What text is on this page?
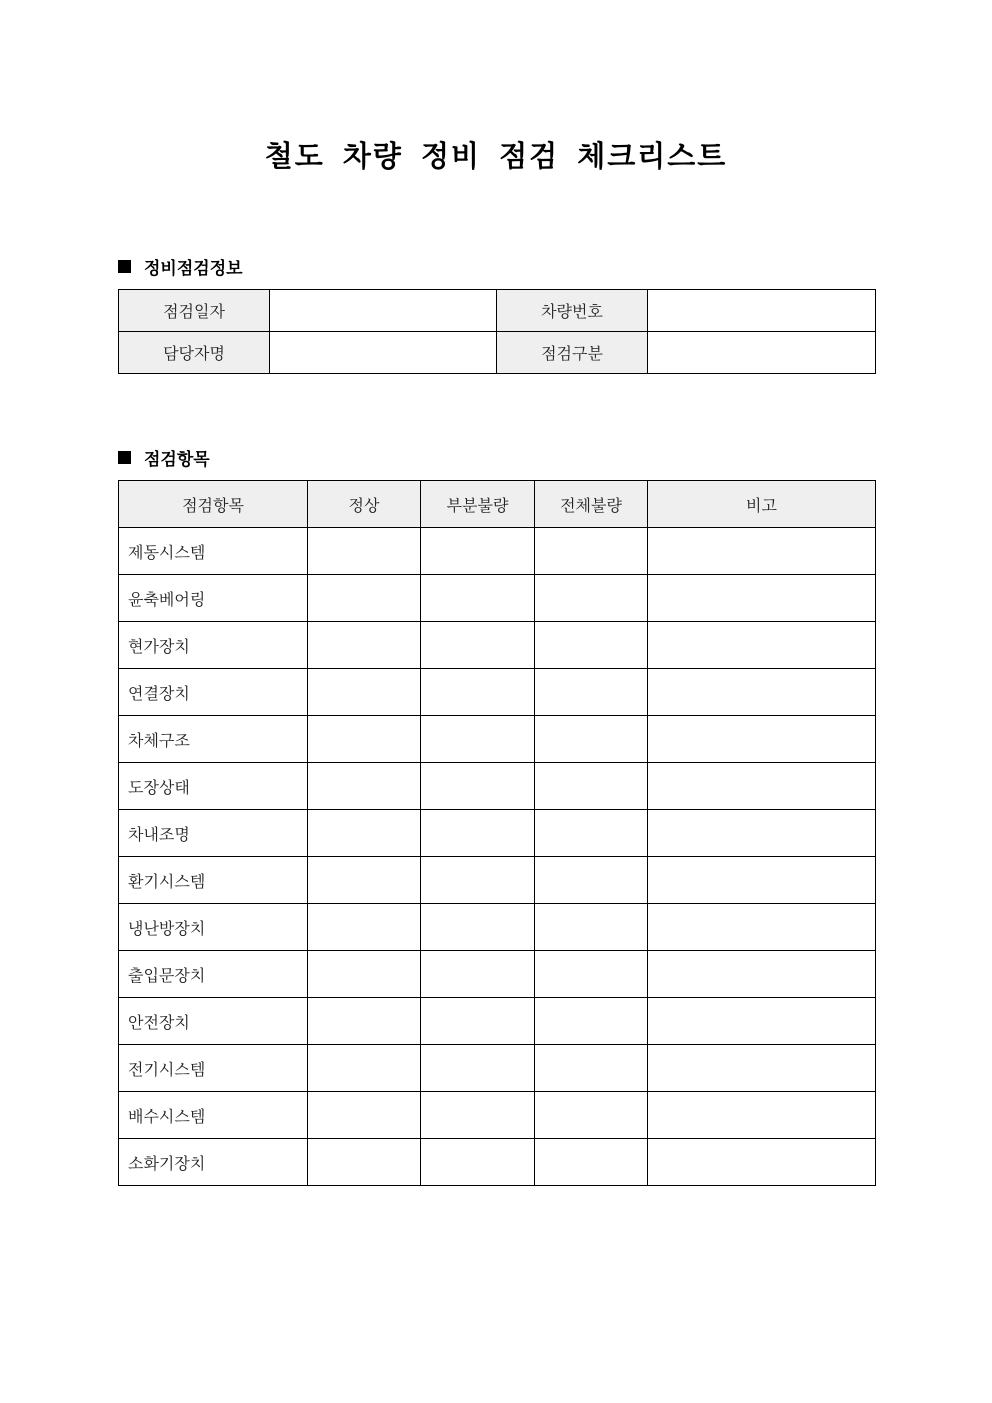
철도 차량 정비 점검 체크리스트
정비점검정보
점검일자		차량번호	
담당자명		점검구분	
점검항목
점검항목	정상	부분불량	전체불량	비고
제동시스템				
윤축베어링				
현가장치				
연결장치				
차체구조				
도장상태				
차내조명				
환기시스템				
냉난방장치				
출입문장치				
안전장치				
전기시스템				
배수시스템				
소화기장치				
